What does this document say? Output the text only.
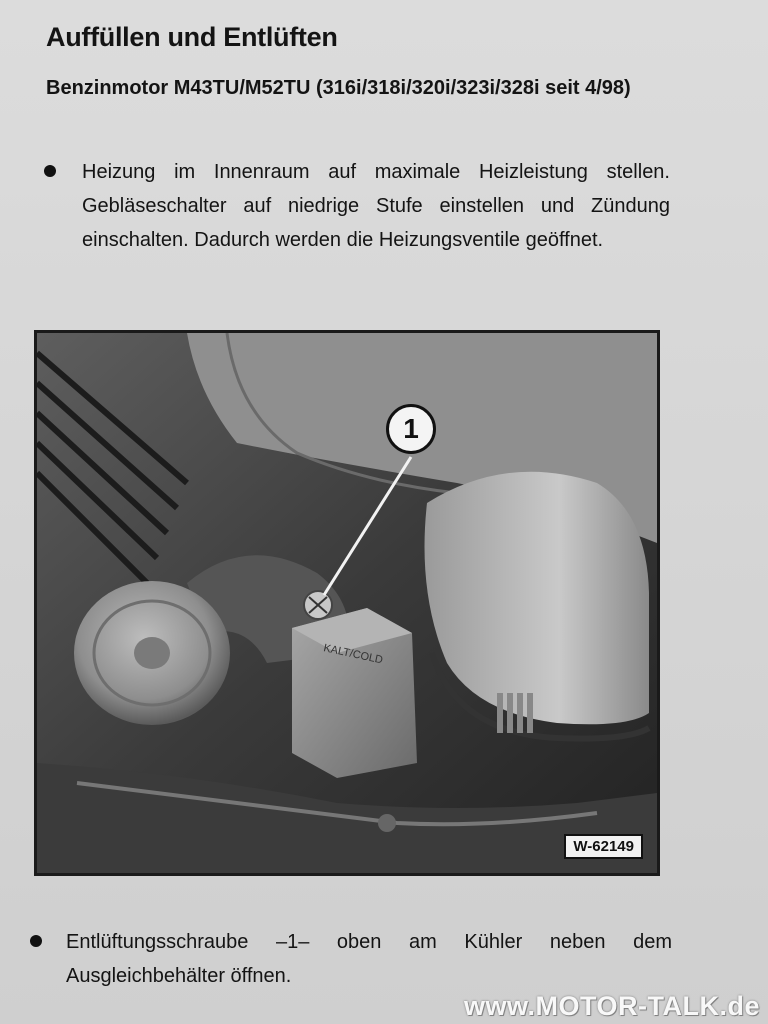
Auffüllen und Entlüften
Benzinmotor M43TU/M52TU (316i/318i/320i/323i/328i seit 4/98)

Heizung im Innenraum auf maximale Heizleistung stellen. Gebläseschalter auf niedrige Stufe einstellen und Zündung einschalten. Dadurch werden die Heizungsventile geöffnet.

KALT/COLD
W-62149
1

Entlüftungsschraube –1– oben am Kühler neben dem Ausgleichbehälter öffnen.

www.MOTOR-TALK.de
